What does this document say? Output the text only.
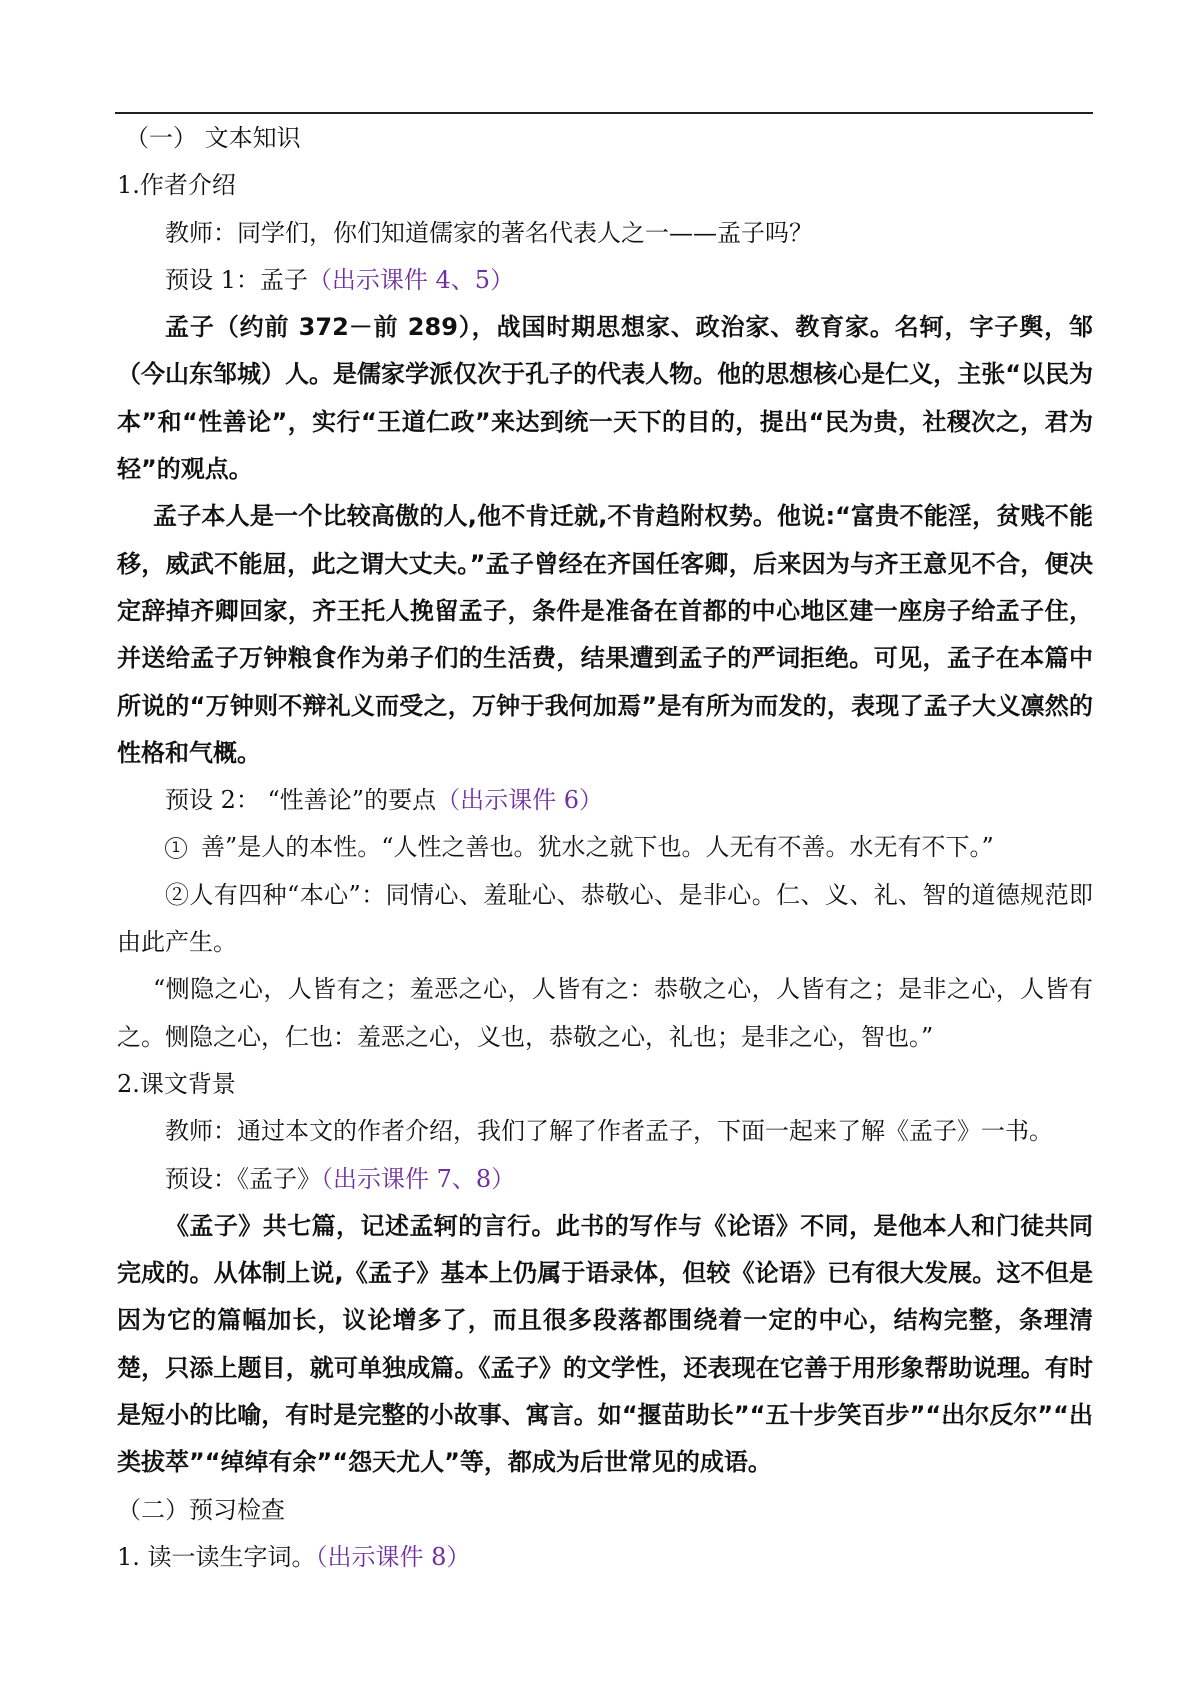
（一） 文本知识

1.作者介绍

教师：同学们，你们知道儒家的著名代表人之一——孟子吗？

预设 1：孟子（出示课件 4、5）

孟子（约前 372－前 289），战国时期思想家、政治家、教育家。名轲，字子舆，邹（今山东邹城）人。是儒家学派仅次于孔子的代表人物。他的思想核心是仁义，主张“以民为本”和“性善论”，实行“王道仁政”来达到统一天下的目的，提出“民为贵，社稷次之，君为轻”的观点。

孟子本人是一个比较高傲的人,他不肯迁就,不肯趋附权势。他说:“富贵不能淫，贫贱不能移，威武不能屈，此之谓大丈夫。”孟子曾经在齐国任客卿，后来因为与齐王意见不合，便决定辞掉齐卿回家，齐王托人挽留孟子，条件是准备在首都的中心地区建一座房子给孟子住，并送给孟子万钟粮食作为弟子们的生活费，结果遭到孟子的严词拒绝。可见，孟子在本篇中所说的“万钟则不辩礼义而受之，万钟于我何加焉”是有所为而发的，表现了孟子大义凛然的性格和气概。

预设 2： “性善论”的要点（出示课件 6）

1 善”是人的本性。“人性之善也。犹水之就下也。人无有不善。水无有不下。”

②人有四种“本心”：同情心、羞耻心、恭敬心、是非心。仁、义、礼、智的道德规范即由此产生。

“恻隐之心，人皆有之；羞恶之心，人皆有之：恭敬之心，人皆有之；是非之心，人皆有之。恻隐之心，仁也：羞恶之心，义也，恭敬之心，礼也；是非之心，智也。”

2.课文背景

教师：通过本文的作者介绍，我们了解了作者孟子，下面一起来了解《孟子》一书。

预设：《孟子》（出示课件 7、8）

《孟子》共七篇，记述孟轲的言行。此书的写作与《论语》不同，是他本人和门徒共同完成的。从体制上说,《孟子》基本上仍属于语录体，但较《论语》已有很大发展。这不但是因为它的篇幅加长，议论增多了，而且很多段落都围绕着一定的中心，结构完整，条理清楚，只添上题目，就可单独成篇。《孟子》的文学性，还表现在它善于用形象帮助说理。有时是短小的比喻，有时是完整的小故事、寓言。如“揠苗助长”“五十步笑百步”“出尔反尔”“出类拔萃”“绰绰有余”“怨天尤人”等，都成为后世常见的成语。

（二）预习检查

1. 读一读生字词。（出示课件 8）
